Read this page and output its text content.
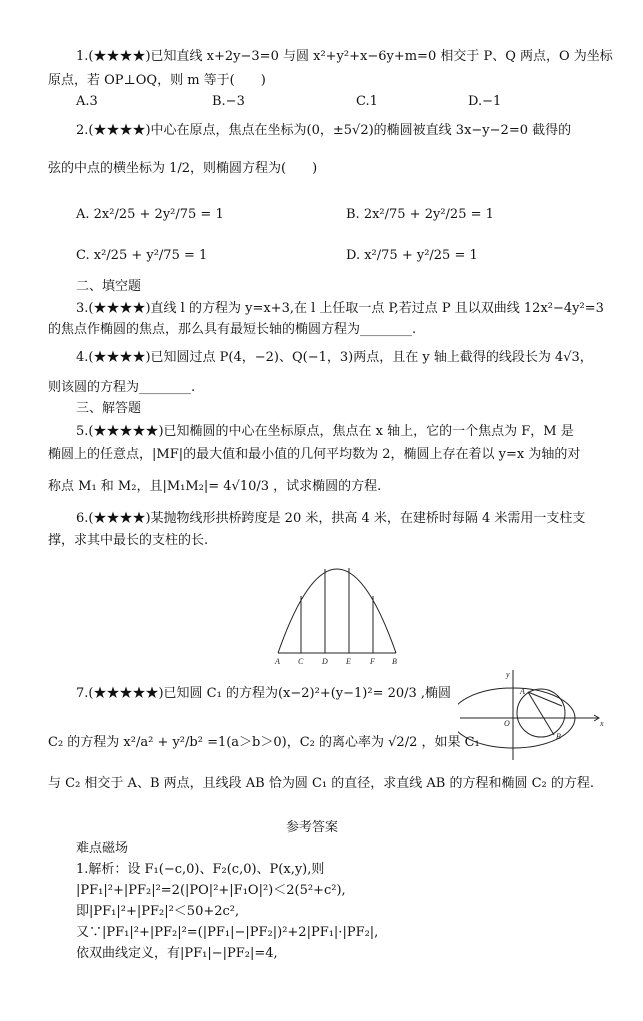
1.(★★★★)已知直线 x+2y−3=0 与圆 x²+y²+x−6y+m=0 相交于 P、Q 两点，O 为坐标
原点，若 OP⊥OQ，则 m 等于(　　)
A.3	B.−3	C.1	D.−1
2.(★★★★)中心在原点，焦点在坐标为(0，±5√2)的椭圆被直线 3x−y−2=0 截得的
弦的中点的横坐标为 1/2，则椭圆方程为(　　)
A. 2x²/25 + 2y²/75 = 1	B. 2x²/75 + 2y²/25 = 1
C. x²/25 + y²/75 = 1	D. x²/75 + y²/25 = 1
二、填空题
3.(★★★★)直线 l 的方程为 y=x+3,在 l 上任取一点 P,若过点 P 且以双曲线 12x²−4y²=3
的焦点作椭圆的焦点，那么具有最短长轴的椭圆方程为________.
4.(★★★★)已知圆过点 P(4，−2)、Q(−1，3)两点，且在 y 轴上截得的线段长为 4√3，
则该圆的方程为________.
三、解答题
5.(★★★★★)已知椭圆的中心在坐标原点，焦点在 x 轴上，它的一个焦点为 F，M 是
椭圆上的任意点，|MF|的最大值和最小值的几何平均数为 2，椭圆上存在着以 y=x 为轴的对
称点 M₁ 和 M₂，且|M₁M₂|= 4√10/3 ，试求椭圆的方程.
6.(★★★★)某抛物线形拱桥跨度是 20 米，拱高 4 米，在建桥时每隔 4 米需用一支柱支
撑，求其中最长的支柱的长.
A C D E F B
7.(★★★★★)已知圆 C₁ 的方程为(x−2)²+(y−1)²= 20/3 ,椭圆
C₂ 的方程为 x²/a² + y²/b² =1(a＞b＞0)，C₂ 的离心率为 √2/2 ，如果 C₁
与 C₂ 相交于 A、B 两点，且线段 AB 恰为圆 C₁ 的直径，求直线 AB 的方程和椭圆 C₂ 的方程.
y
x
O
A
B
参考答案
难点磁场
1.解析：设 F₁(−c,0)、F₂(c,0)、P(x,y),则
|PF₁|²+|PF₂|²=2(|PO|²+|F₁O|²)＜2(5²+c²),
即|PF₁|²+|PF₂|²＜50+2c²,
又∵|PF₁|²+|PF₂|²=(|PF₁|−|PF₂|)²+2|PF₁|·|PF₂|,
依双曲线定义，有|PF₁|−|PF₂|=4,
